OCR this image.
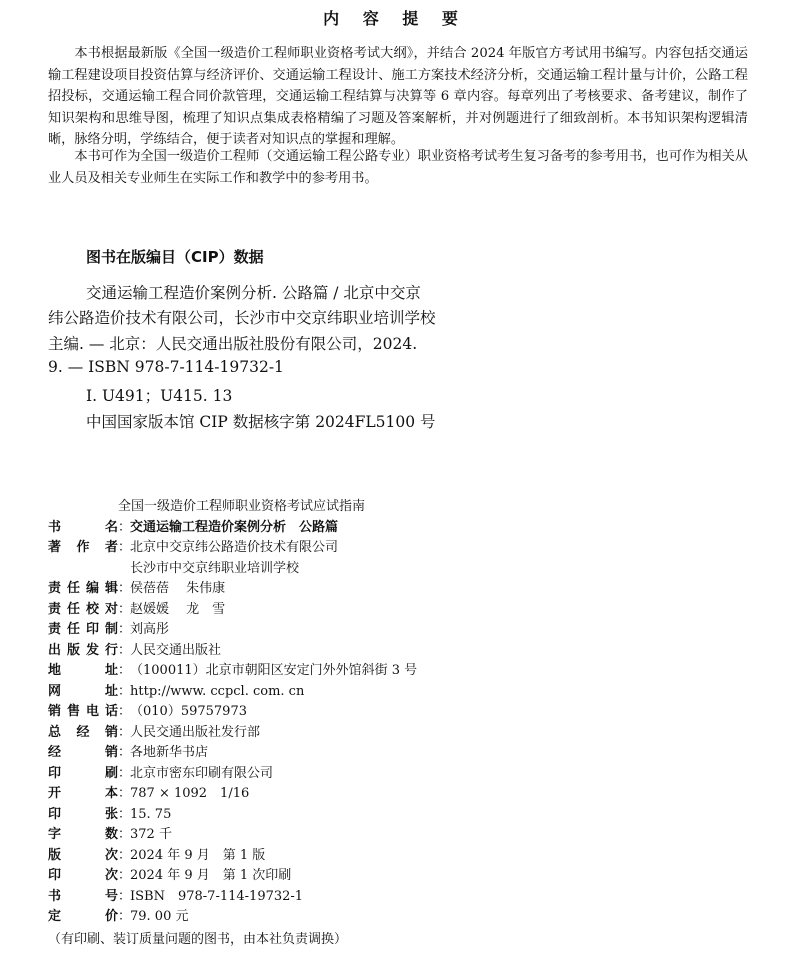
内 容 提 要

本书根据最新版《全国一级造价工程师职业资格考试大纲》，并结合 2024 年版官方考试用书编写。内容包括交通运输工程建设项目投资估算与经济评价、交通运输工程设计、施工方案技术经济分析，交通运输工程计量与计价，公路工程招投标，交通运输工程合同价款管理，交通运输工程结算与决算等 6 章内容。每章列出了考核要求、备考建议，制作了知识架构和思维导图，梳理了知识点集成表格精编了习题及答案解析，并对例题进行了细致剖析。本书知识架构逻辑清晰，脉络分明，学练结合，便于读者对知识点的掌握和理解。

本书可作为全国一级造价工程师（交通运输工程公路专业）职业资格考试考生复习备考的参考用书，也可作为相关从业人员及相关专业师生在实际工作和教学中的参考用书。

图书在版编目（CIP）数据
交通运输工程造价案例分析. 公路篇 / 北京中交京
纬公路造价技术有限公司，长沙市中交京纬职业培训学校
主编. — 北京：人民交通出版社股份有限公司，2024.
9. — ISBN 978-7-114-19732-1
Ⅰ. U491；U415. 13
中国国家版本馆 CIP 数据核字第 2024FL5100 号
全国一级造价工程师职业资格考试应试指南
书名 ：
交通运输工程造价案例分析　公路篇
著作者 ：
北京中交京纬公路造价技术有限公司
长沙市中交京纬职业培训学校
责任编辑 ：
侯蓓蓓　 朱伟康
责任校对 ：
赵媛媛　 龙　雪
责任印制 ：
刘高彤
出版发行 ：
人民交通出版社
地址 ：
（100011）北京市朝阳区安定门外外馆斜街 3 号
网址 ：
http://www. ccpcl. com. cn
销售电话 ：
（010）59757973
总经销 ：
人民交通出版社发行部
经销 ：
各地新华书店
印刷 ：
北京市密东印刷有限公司
开本 ：
787 × 1092　1/16
印张 ：
15. 75
字数 ：
372 千
版次 ：
2024 年 9 月　第 1 版
印次 ：
2024 年 9 月　第 1 次印刷
书号 ：
ISBN　978-7-114-19732-1
定价 ：
79. 00 元
（有印刷、装订质量问题的图书，由本社负责调换）
